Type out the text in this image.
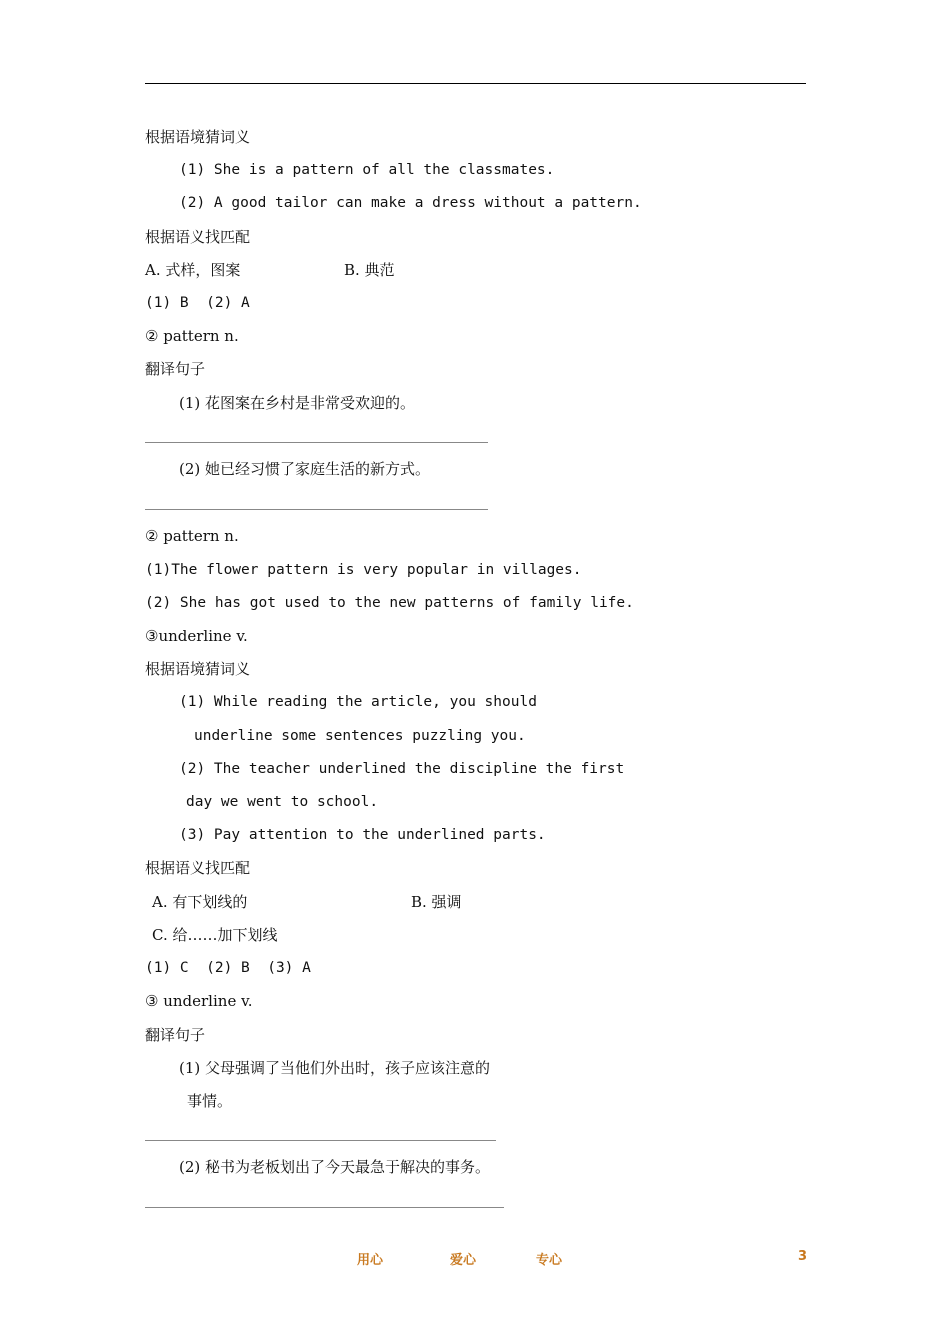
根据语境猜词义
(1) She is a pattern of all the classmates.
(2) A good tailor can make a dress without a pattern.
根据语义找匹配
A. 式样，图案	B. 典范
(1) B  (2) A
② pattern n.
翻译句子
(1) 花图案在乡村是非常受欢迎的。
(2) 她已经习惯了家庭生活的新方式。
② pattern n.
(1)The flower pattern is very popular in villages.
(2) She has got used to the new patterns of family life.
③underline v.
根据语境猜词义
(1) While reading the article, you should
underline some sentences puzzling you.
(2) The teacher underlined the discipline the first
day we went to school.
(3) Pay attention to the underlined parts.
根据语义找匹配
A. 有下划线的	B. 强调
C. 给……加下划线
(1) C  (2) B  (3) A
③ underline v.
翻译句子
(1) 父母强调了当他们外出时，孩子应该注意的
事情。
(2) 秘书为老板划出了今天最急于解决的事务。
用心	爱心	专心	3
